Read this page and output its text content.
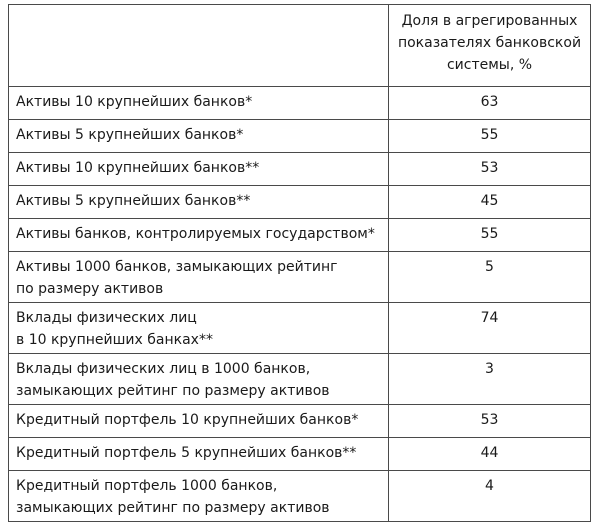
	Доля в агрегированных
показателях банковской
системы, %

Активы 10 крупнейших банков*	63

Активы 5 крупнейших банков*	55

Активы 10 крупнейших банков**	53

Активы 5 крупнейших банков**	45

Активы банков, контролируемых государством*	55

Активы 1000 банков, замыкающих рейтинг
по размеру активов	5

Вклады физических лиц
в 10 крупнейших банках**	74

Вклады физических лиц в 1000 банков,
замыкающих рейтинг по размеру активов	3

Кредитный портфель 10 крупнейших банков*	53

Кредитный портфель 5 крупнейших банков**	44

Кредитный портфель 1000 банков,
замыкающих рейтинг по размеру активов	4
